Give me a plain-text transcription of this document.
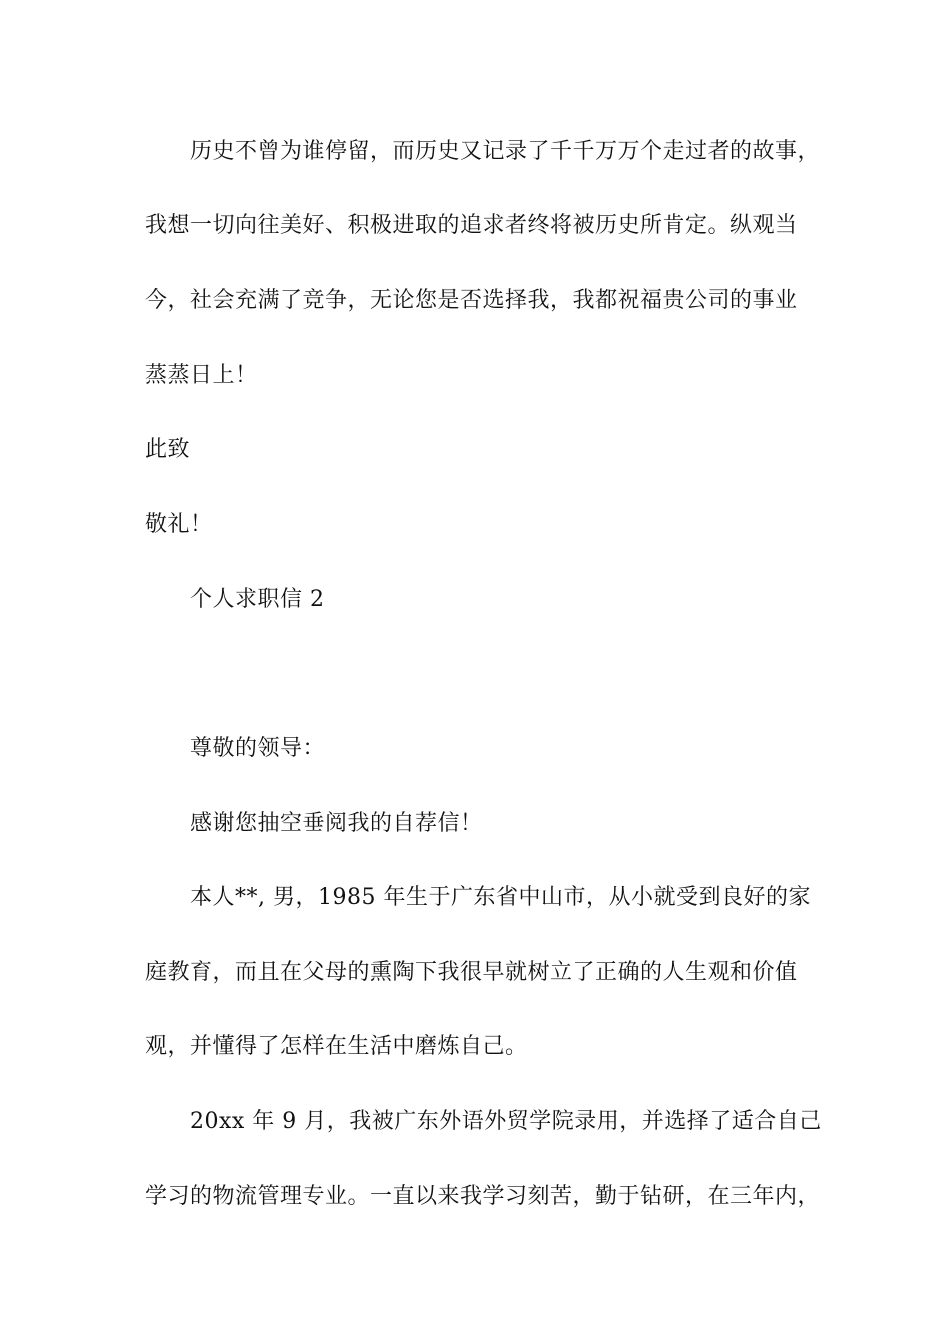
历史不曾为谁停留，而历史又记录了千千万万个走过者的故事，
我想一切向往美好、积极进取的追求者终将被历史所肯定。纵观当
今，社会充满了竞争，无论您是否选择我，我都祝福贵公司的事业
蒸蒸日上！
此致
敬礼！
个人求职信 2
尊敬的领导：
感谢您抽空垂阅我的自荐信！
本人**, 男，1985 年生于广东省中山市，从小就受到良好的家
庭教育，而且在父母的熏陶下我很早就树立了正确的人生观和价值
观，并懂得了怎样在生活中磨炼自己。
20xx 年 9 月，我被广东外语外贸学院录用，并选择了适合自己
学习的物流管理专业。一直以来我学习刻苦，勤于钻研，在三年内，
